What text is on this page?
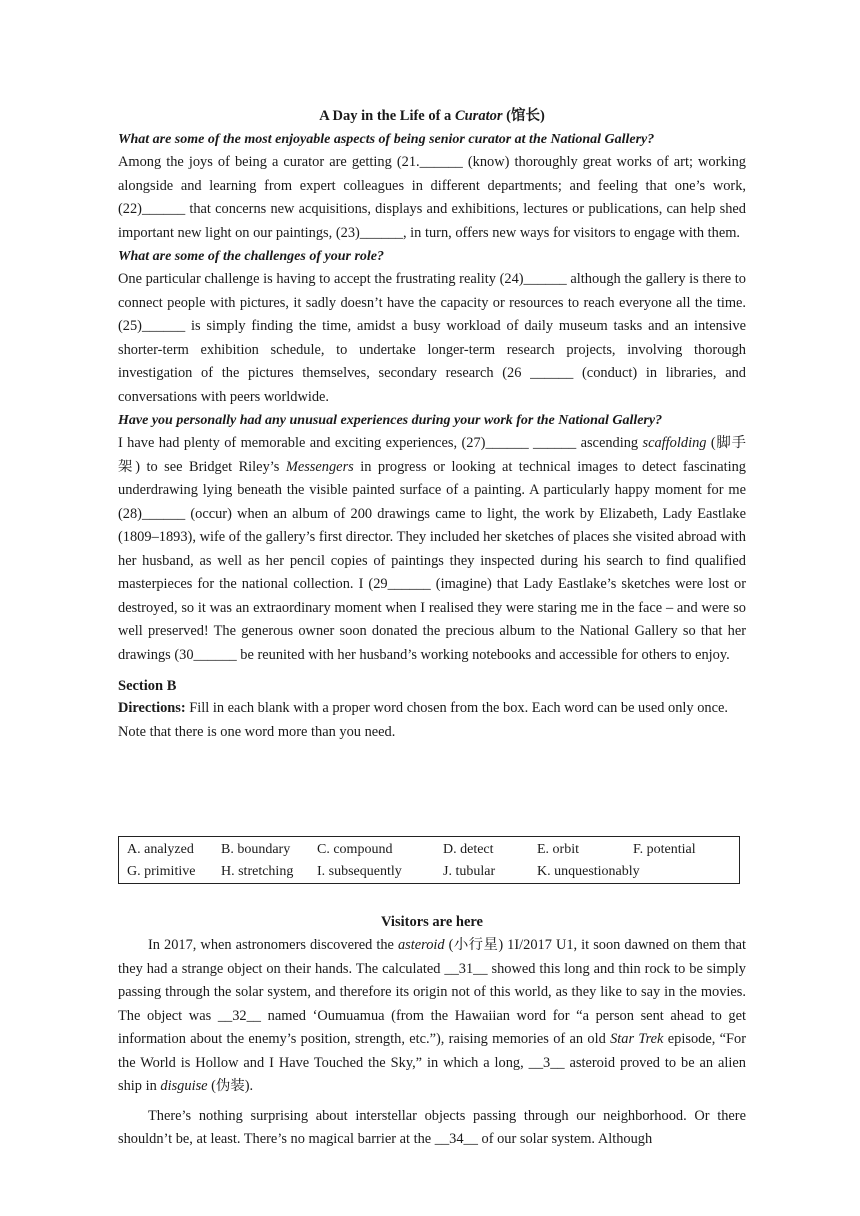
A Day in the Life of a Curator (馆长)

What are some of the most enjoyable aspects of being senior curator at the National Gallery?

Among the joys of being a curator are getting (21.______ (know) thoroughly great works of art; working alongside and learning from expert colleagues in different departments; and feeling that one’s work, (22)______ that concerns new acquisitions, displays and exhibitions, lectures or publications, can help shed important new light on our paintings, (23)______, in turn, offers new ways for visitors to engage with them.

What are some of the challenges of your role?

One particular challenge is having to accept the frustrating reality (24)______ although the gallery is there to connect people with pictures, it sadly doesn’t have the capacity or resources to reach everyone all the time. (25)______ is simply finding the time, amidst a busy workload of daily museum tasks and an intensive shorter-term exhibition schedule, to undertake longer-term research projects, involving thorough investigation of the pictures themselves, secondary research (26 ______ (conduct) in libraries, and conversations with peers worldwide.

Have you personally had any unusual experiences during your work for the National Gallery?

I have had plenty of memorable and exciting experiences, (27)______ ______ ascending scaffolding (脚手架) to see Bridget Riley’s Messengers in progress or looking at technical images to detect fascinating underdrawing lying beneath the visible painted surface of a painting. A particularly happy moment for me (28)______ (occur) when an album of 200 drawings came to light, the work by Elizabeth, Lady Eastlake (1809–1893), wife of the gallery’s first director. They included her sketches of places she visited abroad with her husband, as well as her pencil copies of paintings they inspected during his search to find qualified masterpieces for the national collection. I (29______ (imagine) that Lady Eastlake’s sketches were lost or destroyed, so it was an extraordinary moment when I realised they were staring me in the face – and were so well preserved! The generous owner soon donated the precious album to the National Gallery so that her drawings (30______ be reunited with her husband’s working notebooks and accessible for others to enjoy.

Section B

Directions: Fill in each blank with a proper word chosen from the box. Each word can be used only once. Note that there is one word more than you need.

A. analyzed B. boundary C. compound	D. detect	E. orbit	F. potential
G. primitive H. stretching I. subsequently	J. tubular	K. unquestionably
Visitors are here

In 2017, when astronomers discovered the asteroid (小行星) 1I/2017 U1, it soon dawned on them that they had a strange object on their hands. The calculated __31__ showed this long and thin rock to be simply passing through the solar system, and therefore its origin not of this world, as they like to say in the movies. The object was __32__ named ‘Oumuamua (from the Hawaiian word for “a person sent ahead to get information about the enemy’s position, strength, etc.”), raising memories of an old Star Trek episode, “For the World is Hollow and I Have Touched the Sky,” in which a long, __3__ asteroid proved to be an alien ship in disguise (伪装).

There’s nothing surprising about interstellar objects passing through our neighborhood. Or there shouldn’t be, at least. There’s no magical barrier at the __34__ of our solar system. Although
